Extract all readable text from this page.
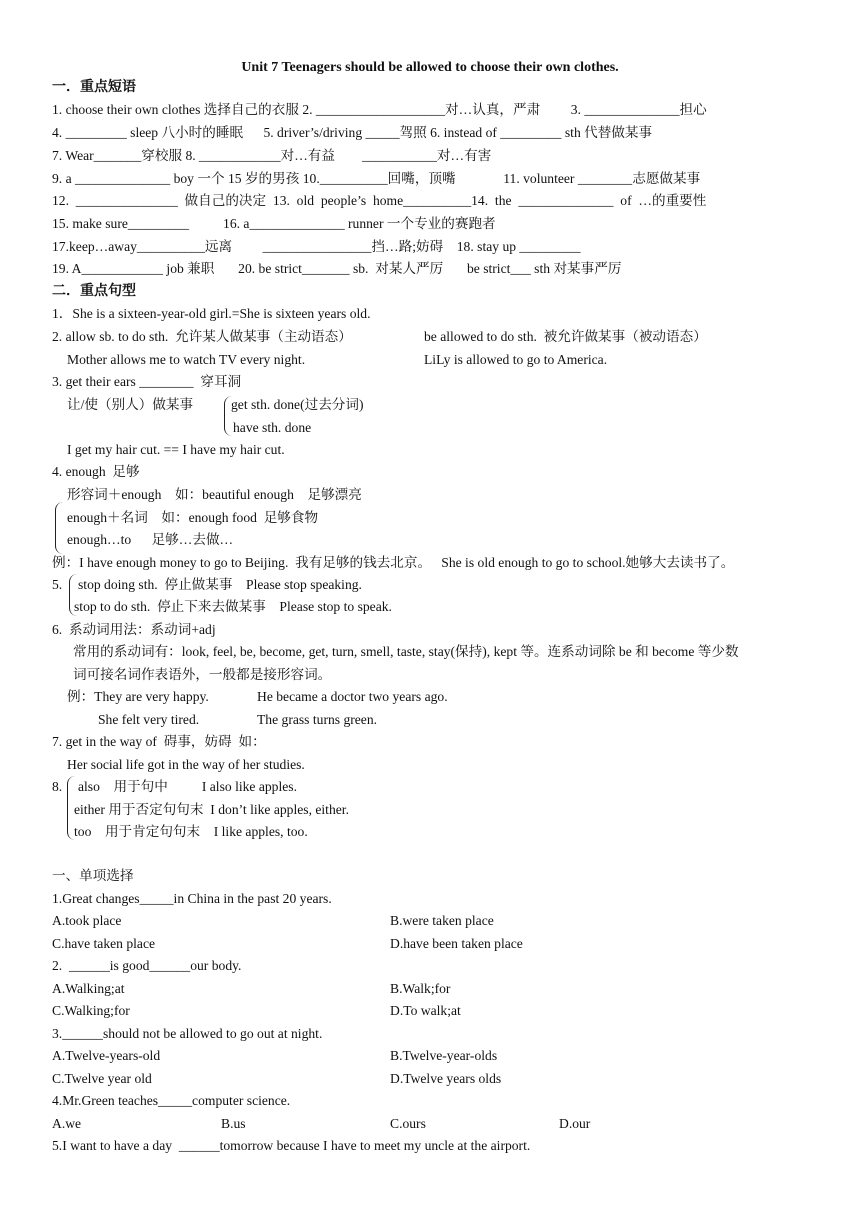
Unit 7 Teenagers should be allowed to choose their own clothes.
一．重点短语
1. choose their own clothes 选择自己的衣服 2. ___________________对…认真，严肃         3. ______________担心
4. _________ sleep 八小时的睡眠      5. driver’s/driving _____驾照 6. instead of _________ sth 代替做某事
7. Wear_______穿校服 8. ____________对…有益        ___________对…有害
9. a ______________ boy 一个 15 岁的男孩 10.__________回嘴，顶嘴              11. volunteer ________志愿做某事
12.  _______________  做自己的决定  13.  old  people’s  home__________14.  the  ______________  of  …的重要性
15. make sure_________          16. a______________ runner 一个专业的赛跑者
17.keep…away__________远离         ________________挡…路;妨碍    18. stay up _________
19. A____________ job 兼职       20. be strict_______ sb.  对某人严厉       be strict___ sth 对某事严厉
二．重点句型
1．She is a sixteen-year-old girl.=She is sixteen years old.
2. allow sb. to do sth.  允许某人做某事（主动语态）	be allowed to do sth.  被允许做某事（被动语态）
Mother allows me to watch TV every night.	LiLy is allowed to go to America.
3. get their ears ________  穿耳洞
让/使（别人）做某事	get sth. done(过去分词)
have sth. done
I get my hair cut. == I have my hair cut.
4. enough  足够
形容词＋enough    如：beautiful enough    足够漂亮
enough＋名词    如：enough food  足够食物
enough…to      足够…去做…
例：I have enough money to go to Beijing.  我有足够的钱去北京。   She is old enough to go to school.她够大去读书了。
5. stop doing sth.  停止做某事    Please stop speaking.
stop to do sth.  停止下来去做某事    Please stop to speak.
6.  系动词用法：系动词+adj
常用的系动词有：look, feel, be, become, get, turn, smell, taste, stay(保持), kept 等。连系动词除 be 和 become 等少数
词可接名词作表语外，一般都是接形容词。
例：They are very happy.	He became a doctor two years ago.
She felt very tired.	The grass turns green.
7. get in the way of  碍事，妨碍  如：
Her social life got in the way of her studies.
8. also    用于句中          I also like apples.
either 用于否定句句末  I don’t like apples, either.
too    用于肯定句句末    I like apples, too.
一、单项选择
1.Great changes_____in China in the past 20 years.
A.took place	B.were taken place
C.have taken place	D.have been taken place
2.  ______is good______our body.
A.Walking;at	B.Walk;for
C.Walking;for	D.To walk;at
3.______should not be allowed to go out at night.
A.Twelve-years-old	B.Twelve-year-olds
C.Twelve year old	D.Twelve years olds
4.Mr.Green teaches_____computer science.
A.we	B.us	C.ours	D.our
5.I want to have a day  ______tomorrow because I have to meet my uncle at the airport.
